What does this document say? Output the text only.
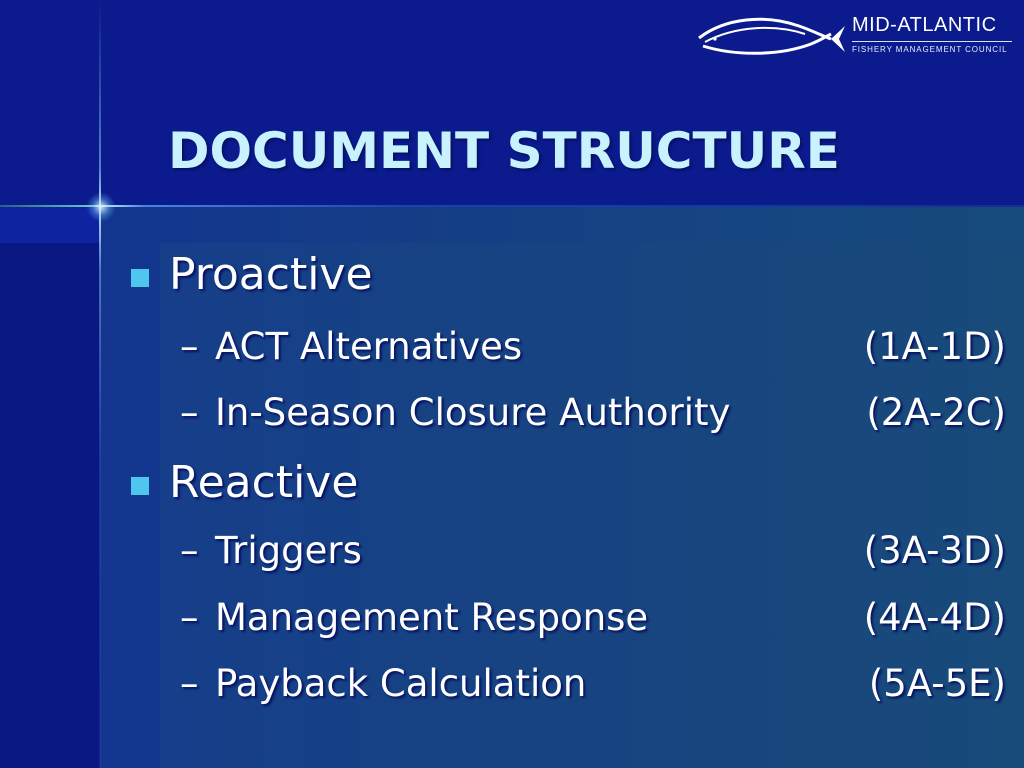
MID-ATLANTIC
FISHERY MANAGEMENT COUNCIL
DOCUMENT STRUCTURE
Proactive
– ACT Alternatives	(1A-1D)
– In-Season Closure Authority	(2A-2C)
Reactive
– Triggers	(3A-3D)
– Management Response	(4A-4D)
– Payback Calculation	(5A-5E)
